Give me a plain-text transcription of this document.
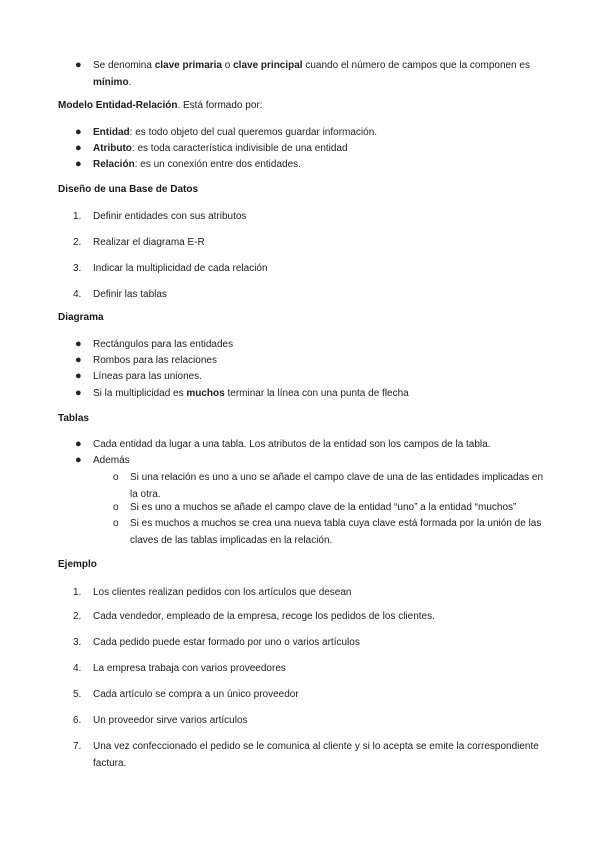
● Se denomina clave primaria o clave principal cuando el número de campos que la componen es mínimo.
Modelo Entidad-Relación. Está formado por:
● Entidad: es todo objeto del cual queremos guardar información.
● Atributo: es toda característica indivisible de una entidad
● Relación: es un conexión entre dos entidades.
Diseño de una Base de Datos
1. Definir entidades con sus atributos
2. Realizar el diagrama E-R
3. Indicar la multiplicidad de cada relación
4. Definir las tablas
Diagrama
● Rectángulos para las entidades
● Rombos para las relaciones
● Líneas para las uniones.
● Si la multiplicidad es muchos terminar la línea con una punta de flecha
Tablas
● Cada entidad da lugar a una tabla. Los atributos de la entidad son los campos de la tabla.
● Además
o Si una relación es uno a uno se añade el campo clave de una de las entidades implicadas en la otra.
o Si es uno a muchos se añade el campo clave de la entidad “uno” a la entidad “muchos”
o Si es muchos a muchos se crea una nueva tabla cuya clave está formada por la unión de las claves de las tablas implicadas en la relación.
Ejemplo
1. Los clientes realizan pedidos con los artículos que desean
2. Cada vendedor, empleado de la empresa, recoge los pedidos de los clientes.
3. Cada pedido puede estar formado por uno o varios artículos
4. La empresa trabaja con varios proveedores
5. Cada artículo se compra a un único proveedor
6. Un proveedor sirve varios artículos
7. Una vez confeccionado el pedido se le comunica al cliente y si lo acepta se emite la correspondiente factura.
